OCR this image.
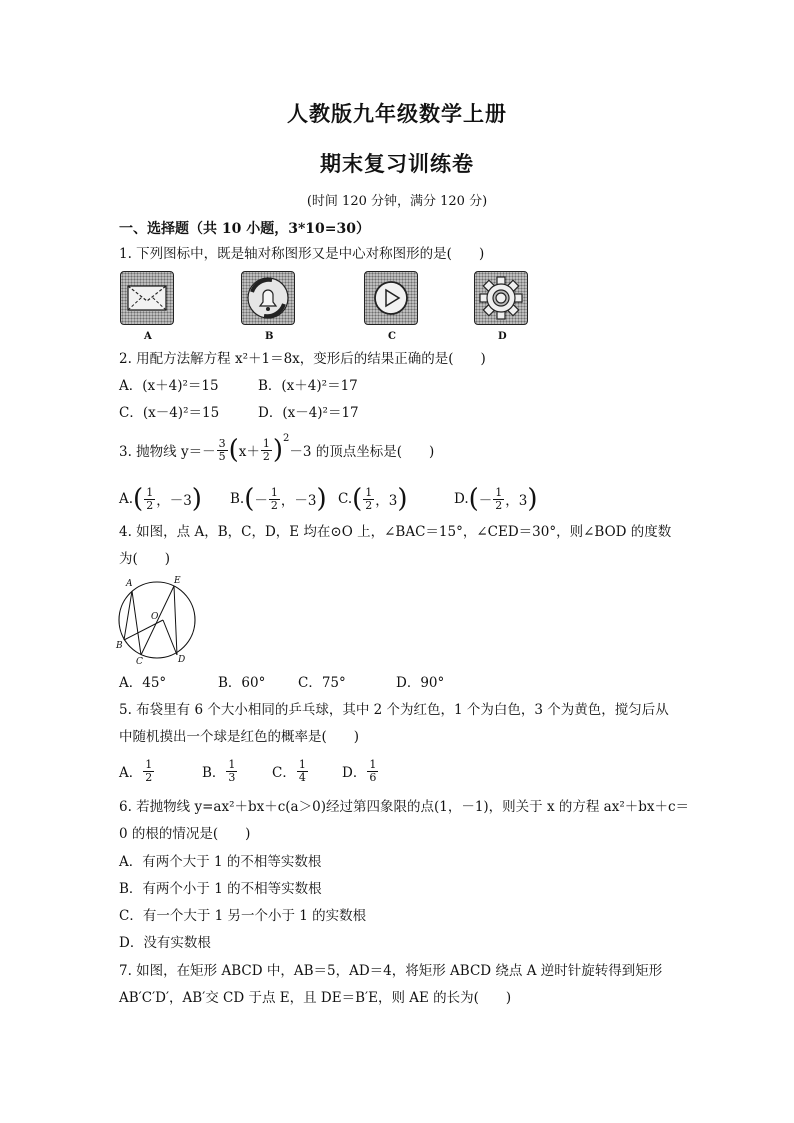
人教版九年级数学上册
期末复习训练卷
(时间 120 分钟，满分 120 分)
一、选择题（共 10 小题，3*10=30）
1. 下列图标中，既是轴对称图形又是中心对称图形的是(　　)
A	B	C	D
2. 用配方法解方程 x²＋1＝8x，变形后的结果正确的是(　　)
A．(x＋4)²＝15	B．(x＋4)²＝17
C．(x－4)²＝15	D．(x－4)²＝17
3. 抛物线 $y=- \frac{3}{5}$ ( $x+ \frac{1}{2}$ ) 2
－3 的顶点坐标是(　　)
A. ( $\frac{1}{2}$ ，－3 ) B. ( － $\frac{1}{2}$ ，－3 ) C. ( $\frac{1}{2}$ ，3 )	D. ( － $\frac{1}{2}$ ，3 )
4. 如图，点 A，B，C，D，E 均在⊙O 上，∠BAC＝15°，∠CED＝30°，则∠BOD 的度数
为(　　)
A	E
O
B
C	D
A．45°	B．60° C．75°	D．90°
5. 布袋里有 6 个大小相同的乒乓球，其中 2 个为红色，1 个为白色，3 个为黄色，搅匀后从
中随机摸出一个球是红色的概率是(　　)
A． $\frac{1}{2}$	B． $\frac{1}{3}$	C． $\frac{1}{4}$	D． $\frac{1}{6}$
6. 若抛物线 y=ax²＋bx＋c(a＞0)经过第四象限的点(1，－1)，则关于 x 的方程 ax²＋bx＋c＝
0 的根的情况是(　　)
A．有两个大于 1 的不相等实数根
B．有两个小于 1 的不相等实数根
C．有一个大于 1 另一个小于 1 的实数根
D．没有实数根
7. 如图，在矩形 ABCD 中，AB＝5，AD＝4，将矩形 ABCD 绕点 A 逆时针旋转得到矩形
AB′C′D′，AB′交 CD 于点 E，且 DE＝B′E，则 AE 的长为(　　)
